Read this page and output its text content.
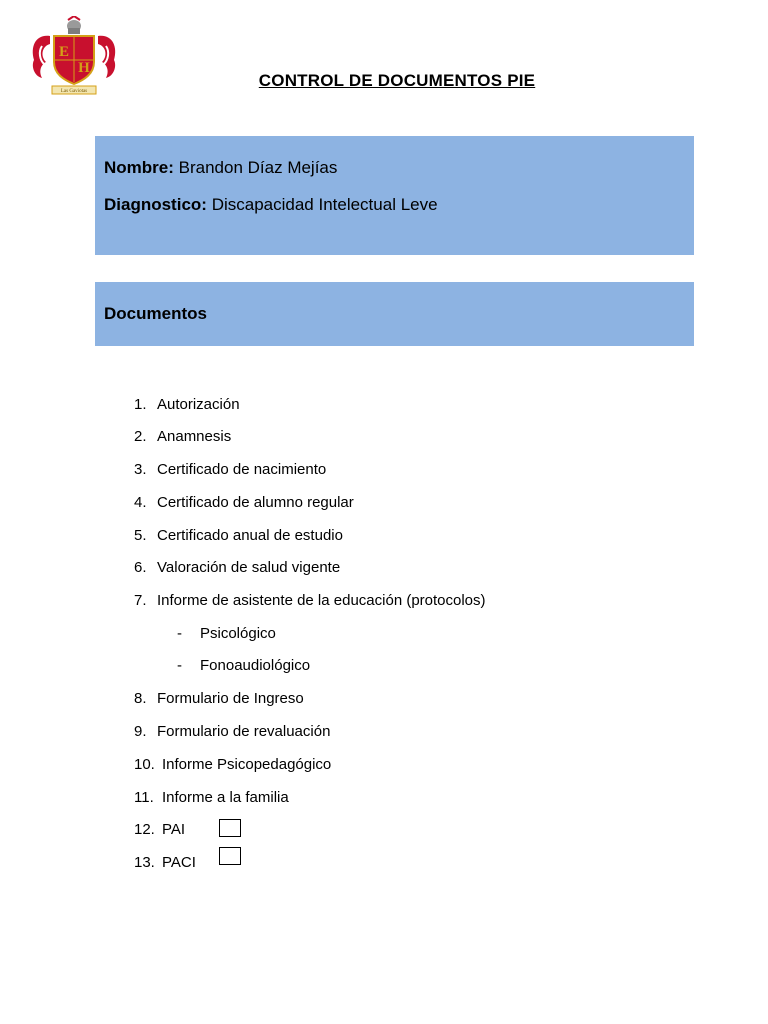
E
H
Las Gaviotas
CONTROL DE DOCUMENTOS PIE
Nombre: Brandon Díaz Mejías
Diagnostico: Discapacidad Intelectual Leve
Documentos
1. Autorización
2. Anamnesis
3. Certificado de nacimiento
4. Certificado de alumno regular
5. Certificado anual de estudio
6. Valoración de salud vigente
7. Informe de asistente de la educación (protocolos)
- Psicológico
- Fonoaudiológico
8. Formulario de Ingreso
9. Formulario de revaluación
10. Informe Psicopedagógico
11. Informe a la familia
12. PAI
13. PACI
